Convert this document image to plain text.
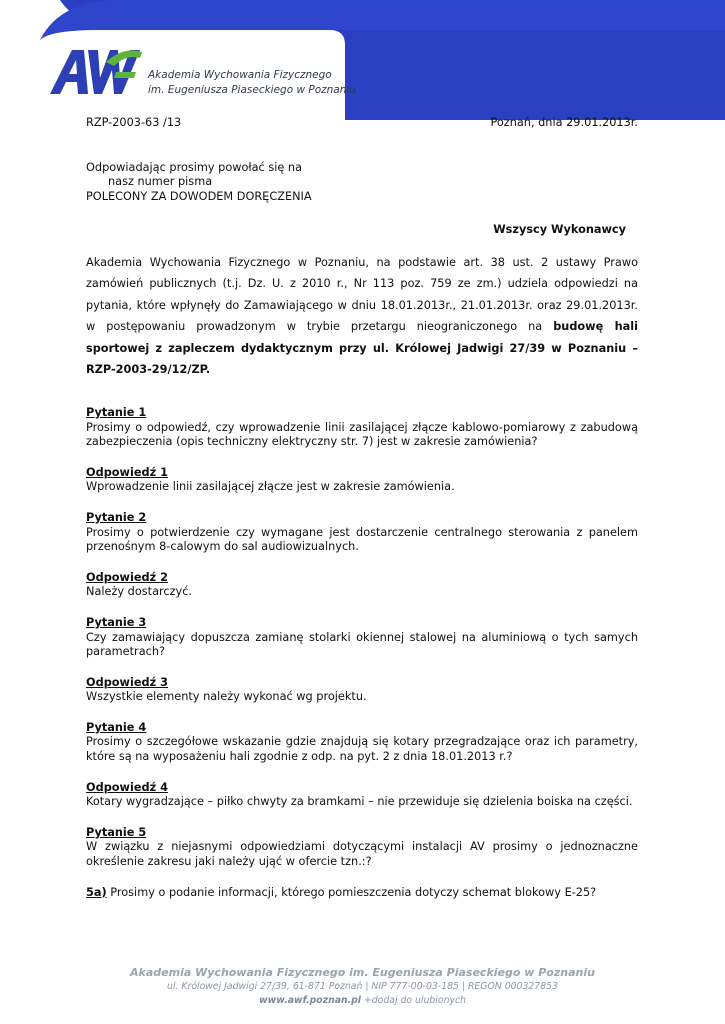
Akademia Wychowania Fizycznego
im. Eugeniusza Piaseckiego w Poznaniu
RZP-2003-63 /13	Poznań, dnia 29.01.2013r.
Odpowiadając prosimy powołać się na
nasz numer pisma
POLECONY ZA DOWODEM DORĘCZENIA
Wszyscy Wykonawcy
Akademia Wychowania Fizycznego w Poznaniu, na podstawie art. 38 ust. 2 ustawy Prawo zamówień publicznych (t.j. Dz. U. z 2010 r., Nr 113 poz. 759 ze zm.) udziela odpowiedzi na pytania, które wpłynęły do Zamawiającego w dniu 18.01.2013r., 21.01.2013r. oraz 29.01.2013r. w postępowaniu prowadzonym w trybie przetargu nieograniczonego na budowę hali sportowej z zapleczem dydaktycznym przy ul. Królowej Jadwigi 27/39 w Poznaniu – RZP-2003-29/12/ZP.
Pytanie 1
Prosimy o odpowiedź, czy wprowadzenie linii zasilającej złącze kablowo-pomiarowy z zabudową zabezpieczenia (opis techniczny elektryczny str. 7) jest w zakresie zamówienia?
Odpowiedź 1
Wprowadzenie linii zasilającej złącze jest w zakresie zamówienia.
Pytanie 2
Prosimy o potwierdzenie czy wymagane jest dostarczenie centralnego sterowania z panelem przenośnym 8-calowym do sal audiowizualnych.
Odpowiedź 2
Należy dostarczyć.
Pytanie 3
Czy zamawiający dopuszcza zamianę stolarki okiennej stalowej na aluminiową o tych samych parametrach?
Odpowiedź 3
Wszystkie elementy należy wykonać wg projektu.
Pytanie 4
Prosimy o szczegółowe wskazanie gdzie znajdują się kotary przegradzające oraz ich parametry, które są na wyposażeniu hali zgodnie z odp. na pyt. 2 z dnia 18.01.2013 r.?
Odpowiedź 4
Kotary wygradzające – piłko chwyty za bramkami – nie przewiduje się dzielenia boiska na części.
Pytanie 5
W związku z niejasnymi odpowiedziami dotyczącymi instalacji AV prosimy o jednoznaczne określenie zakresu jaki należy ująć w ofercie tzn.:?
5a) Prosimy o podanie informacji, którego pomieszczenia dotyczy schemat blokowy E-25?
Akademia Wychowania Fizycznego im. Eugeniusza Piaseckiego w Poznaniu
ul. Królowej Jadwigi 27/39, 61-871 Poznań | NIP 777-00-03-185 | REGON 000327853
www.awf.poznan.pl +dodaj do ulubionych
